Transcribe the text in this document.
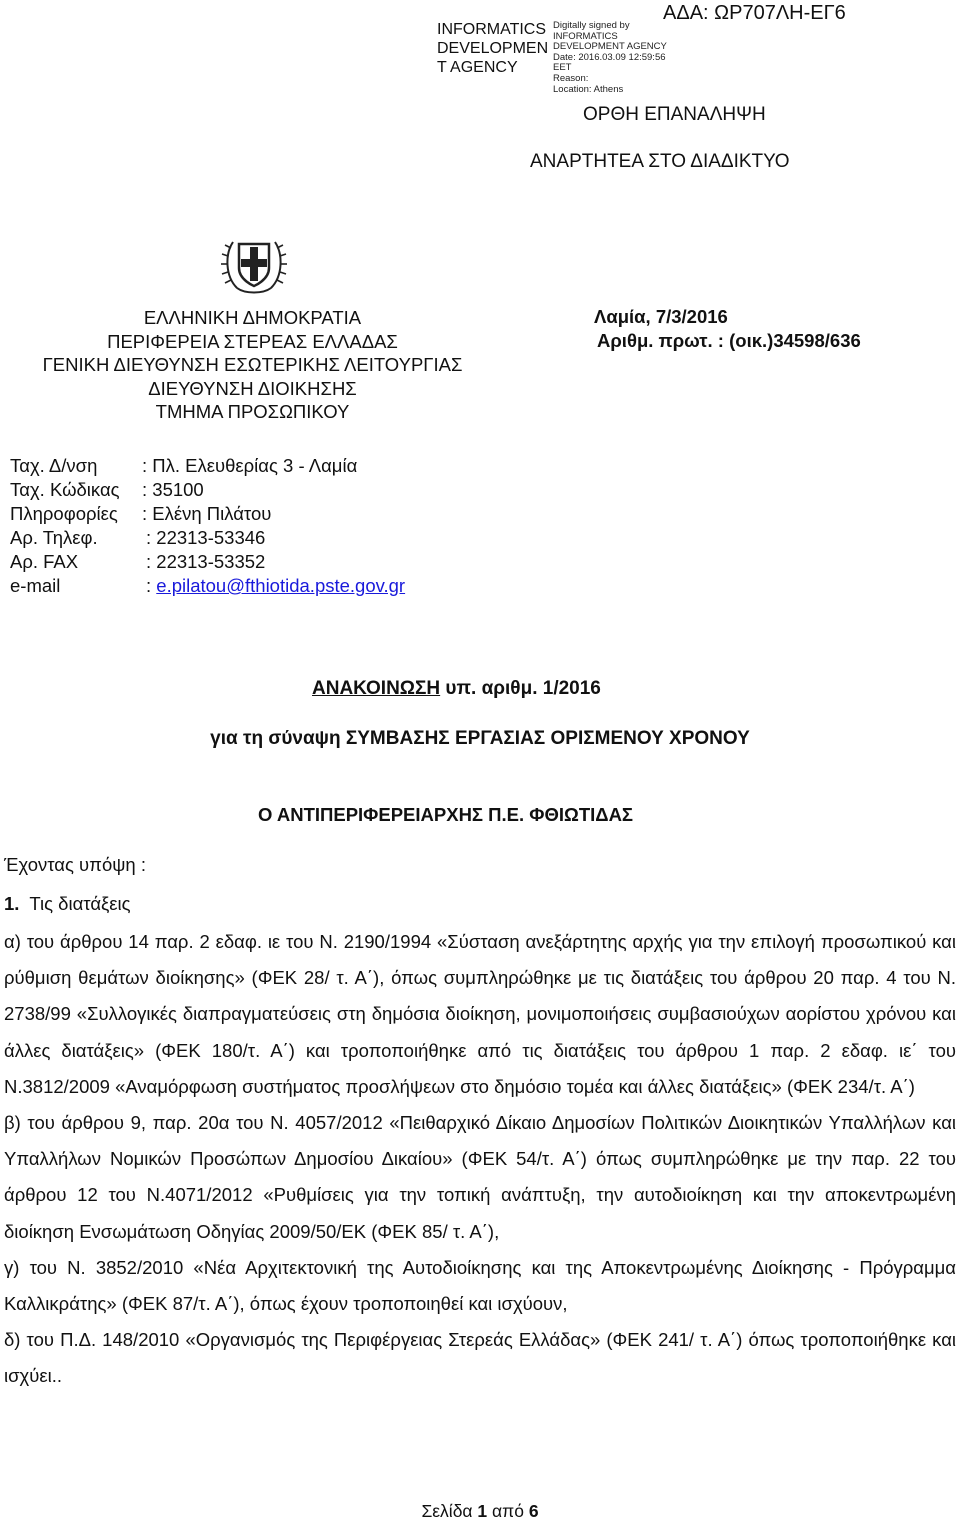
INFORMATICS DEVELOPMEN T AGENCY
Digitally signed by
INFORMATICS
DEVELOPMENT AGENCY
Date: 2016.03.09 12:59:56
EET
Reason:
Location: Athens
ΑΔΑ: ΩΡ707ΛΗ-ΕΓ6
ΟΡΘΗ ΕΠΑΝΑΛΗΨΗ
ΑΝΑΡΤΗΤΕΑ ΣΤΟ ΔΙΑΔΙΚΤΥΟ
ΕΛΛΗΝΙΚΗ ΔΗΜΟΚΡΑΤΙΑ
ΠΕΡΙΦΕΡΕΙΑ ΣΤΕΡΕΑΣ ΕΛΛΑΔΑΣ
ΓΕΝΙΚΗ ΔΙΕΥΘΥΝΣΗ ΕΣΩΤΕΡΙΚΗΣ ΛΕΙΤΟΥΡΓΙΑΣ
ΔΙΕΥΘΥΝΣΗ ΔΙΟΙΚΗΣΗΣ
ΤΜΗΜΑ ΠΡΟΣΩΠΙΚΟΥ
Λαμία, 7/3/2016
Αριθμ. πρωτ. : (οικ.)34598/636
Ταχ. Δ/νση : Πλ. Ελευθερίας 3 - Λαμία
Ταχ. Κώδικας : 35100
Πληροφορίες : Ελένη Πιλάτου
Αρ. Τηλεφ.	: 22313-53346
Αρ. FAX	: 22313-53352
e-mail	: e.pilatou@fthiotida.pste.gov.gr
ΑΝΑΚΟΙΝΩΣΗ υπ. αριθμ. 1/2016
για τη σύναψη ΣΥΜΒΑΣΗΣ ΕΡΓΑΣΙΑΣ ΟΡΙΣΜΕΝΟΥ ΧΡΟΝΟΥ
Ο ΑΝΤΙΠΕΡΙΦΕΡΕΙΑΡΧΗΣ Π.Ε. ΦΘΙΩΤΙΔΑΣ
Έχοντας υπόψη :
1. Τις διατάξεις

α) του άρθρου 14 παρ. 2 εδαφ. ιε του Ν. 2190/1994 «Σύσταση ανεξάρτητης αρχής για την επιλογή προσωπικού και ρύθμιση θεμάτων διοίκησης» (ΦΕΚ 28/ τ. Α΄), όπως συμπληρώθηκε με τις διατάξεις του άρθρου 20 παρ. 4 του Ν. 2738/99 «Συλλογικές διαπραγματεύσεις στη δημόσια διοίκηση, μονιμοποιήσεις συμβασιούχων αορίστου χρόνου και άλλες διατάξεις» (ΦΕΚ 180/τ. Α΄) και τροποποιήθηκε από τις διατάξεις του άρθρου 1 παρ. 2 εδαφ. ιε΄ του Ν.3812/2009 «Αναμόρφωση συστήματος προσλήψεων στο δημόσιο τομέα και άλλες διατάξεις» (ΦΕΚ 234/τ. Α΄)

β) του άρθρου 9, παρ. 20α του Ν. 4057/2012 «Πειθαρχικό Δίκαιο Δημοσίων Πολιτικών Διοικητικών Υπαλλήλων και Υπαλλήλων Νομικών Προσώπων Δημοσίου Δικαίου» (ΦΕΚ 54/τ. Α΄) όπως συμπληρώθηκε με την παρ. 22 του άρθρου 12 του Ν.4071/2012 «Ρυθμίσεις για την τοπική ανάπτυξη, την αυτοδιοίκηση και την αποκεντρωμένη διοίκηση Ενσωμάτωση Οδηγίας 2009/50/ΕΚ (ΦΕΚ 85/ τ. Α΄),

γ) του Ν. 3852/2010 «Νέα Αρχιτεκτονική της Αυτοδιοίκησης και της Αποκεντρωμένης Διοίκησης - Πρόγραμμα Καλλικράτης» (ΦΕΚ 87/τ. Α΄), όπως έχουν τροποποιηθεί και ισχύουν,

δ) του Π.Δ. 148/2010 «Οργανισμός της Περιφέργειας Στερεάς Ελλάδας» (ΦΕΚ 241/ τ. Α΄) όπως τροποποιήθηκε και ισχύει..

Σελίδα 1 από 6
